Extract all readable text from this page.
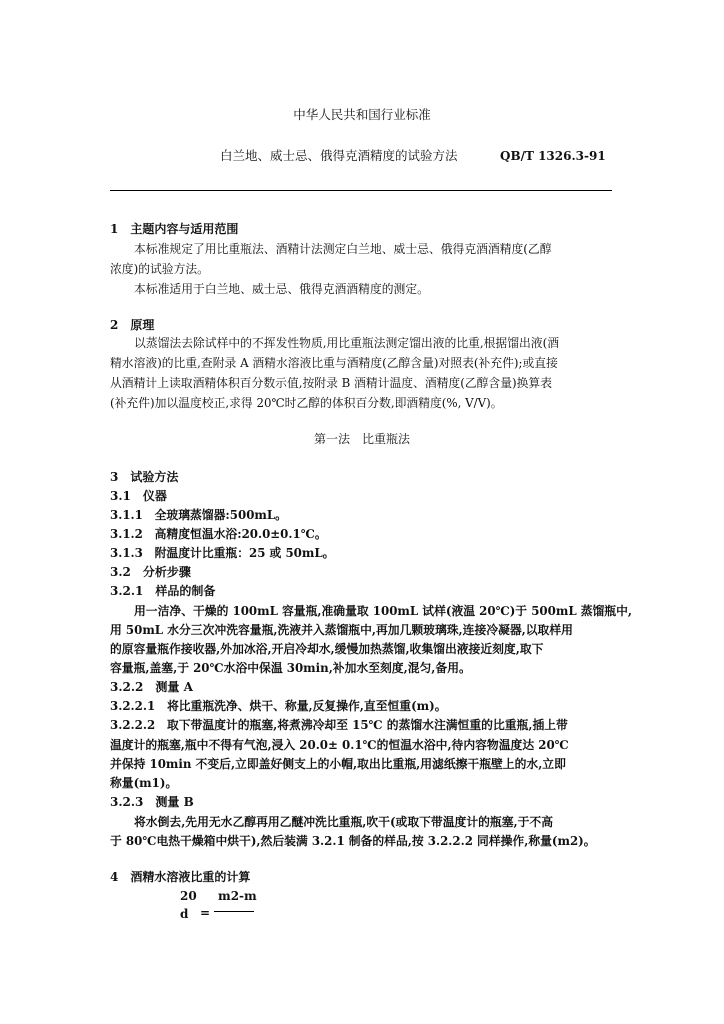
中华人民共和国行业标准
白兰地、威士忌、俄得克酒精度的试验方法	QB/T 1326.3-91
1　主题内容与适用范围
本标准规定了用比重瓶法、酒精计法测定白兰地、威士忌、俄得克酒酒精度(乙醇
浓度)的试验方法。
本标准适用于白兰地、威士忌、俄得克酒酒精度的测定。
2　原理
以蒸馏法去除试样中的不挥发性物质,用比重瓶法测定馏出液的比重,根据馏出液(酒
精水溶液)的比重,查附录 A 酒精水溶液比重与酒精度(乙醇含量)对照表(补充件);或直接
从酒精计上读取酒精体积百分数示值,按附录 B 酒精计温度、酒精度(乙醇含量)换算表
(补充件)加以温度校正,求得 20℃时乙醇的体积百分数,即酒精度(%, V/V)。
第一法　比重瓶法
3　试验方法
3.1　仪器
3.1.1　全玻璃蒸馏器:500mL。
3.1.2　高精度恒温水浴:20.0±0.1℃。
3.1.3　附温度计比重瓶：25 或 50mL。
3.2　分析步骤
3.2.1　样品的制备
用一洁净、干燥的 100mL 容量瓶,准确量取 100mL 试样(液温 20℃)于 500mL 蒸馏瓶中,
用 50mL 水分三次冲洗容量瓶,洗液并入蒸馏瓶中,再加几颗玻璃珠,连接冷凝器,以取样用
的原容量瓶作接收器,外加冰浴,开启冷却水,缓慢加热蒸馏,收集馏出液接近刻度,取下
容量瓶,盖塞,于 20℃水浴中保温 30min,补加水至刻度,混匀,备用。
3.2.2　测量 A
3.2.2.1　将比重瓶洗净、烘干、称量,反复操作,直至恒重(m)。
3.2.2.2　取下带温度计的瓶塞,将煮沸冷却至 15℃ 的蒸馏水注满恒重的比重瓶,插上带
温度计的瓶塞,瓶中不得有气泡,浸入 20.0± 0.1℃的恒温水浴中,待内容物温度达 20℃
并保持 10min 不变后,立即盖好侧支上的小帽,取出比重瓶,用滤纸擦干瓶壁上的水,立即
称量(m1)。
3.2.3　测量 B
将水倒去,先用无水乙醇再用乙醚冲洗比重瓶,吹干(或取下带温度计的瓶塞,于不高
于 80℃电热干燥箱中烘干),然后装满 3.2.1 制备的样品,按 3.2.2.2 同样操作,称量(m2)。
4　酒精水溶液比重的计算
20 m2-m
d =
